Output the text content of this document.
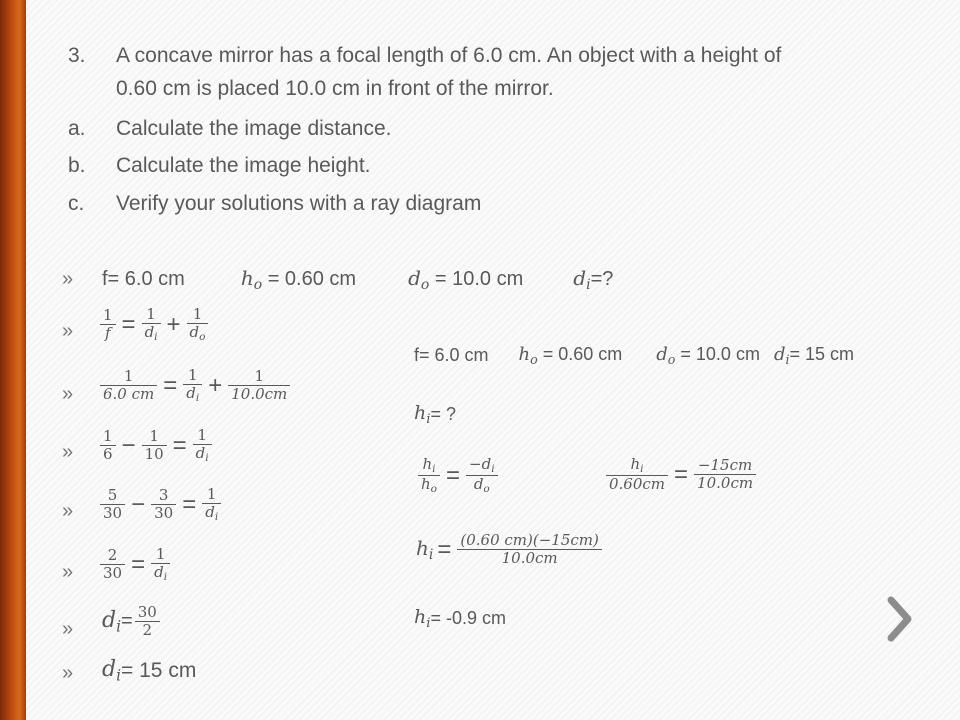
3. A concave mirror has a focal length of 6.0 cm. An object with a height of
0.60 cm is placed 10.0 cm in front of the mirror.
a. Calculate the image distance.
b. Calculate the image height.
c. Verify your solutions with a ray diagram
» f= 6.0 cm	$h_o = 0.60$ cm	$d_o = 10.0$ cm	$d_i=$?
» $\frac{1}{f} = \frac{1}{d_i} + \frac{1}{d_o}$
» $\frac{1}{6.0 cm} = \frac{1}{d_i} + \frac{1}{10.0cm}$
» $\frac{1}{6} - \frac{1}{10} = \frac{1}{d_i}$
» $\frac{5}{30} - \frac{3}{30} = \frac{1}{d_i}$
» $\frac{2}{30} = \frac{1}{d_i}$
» $d_i = \frac{30}{2}$
» $d_i = 15$ cm
f= 6.0 cm $h_o = 0.60$ cm $d_o = 10.0$ cm $d_i= 15$ cm
$h_i$ = ?
$\frac{h_i}{h_o} = \frac{-d_i}{d_o}$	$\frac{h_i}{0.60cm} = \frac{-15cm}{10.0cm}$
$h_i = \frac{(0.60 cm)(-15cm)}{10.0cm}$
$h_i = -0.9$ cm
